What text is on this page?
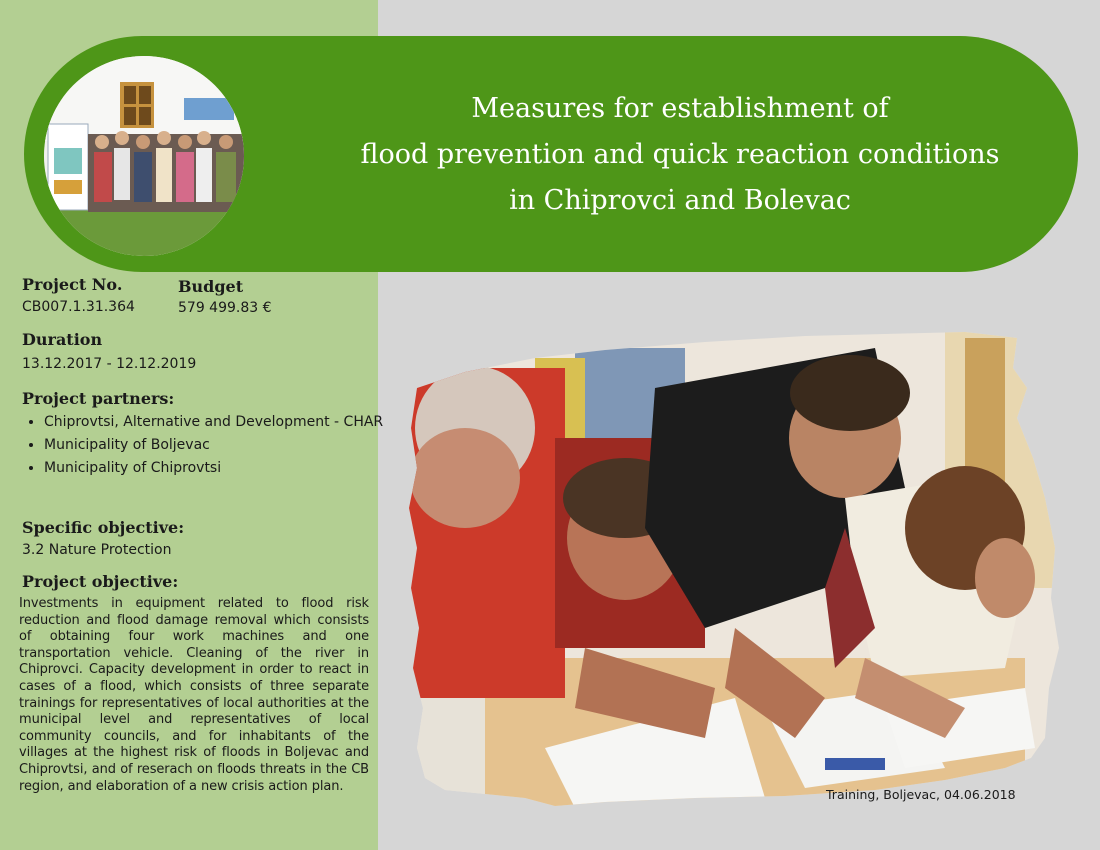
Measures for establishment of
flood prevention and quick reaction conditions
in Chiprovci and Bolevac
Project No.
CB007.1.31.364
Budget
579 499.83 €
Duration
13.12.2017 - 12.12.2019
Project partners:
• Chiprovtsi, Alternative and Development - CHAR
• Municipality of Boljevac
• Municipality of Chiprovtsi
Specific objective:
3.2 Nature Protection
Project objective:
Investments in equipment related to flood risk reduction and flood damage removal which consists of obtaining four work machines and one transportation vehicle. Cleaning of the river in Chiprovci. Capacity development in order to react in cases of a flood, which consists of three separate trainings for representatives of local authorities at the municipal level and representatives of local community councils, and for inhabitants of the villages at the highest risk of floods in Boljevac and Chiprovtsi, and of reserach on floods threats in the CB region, and elaboration of a new crisis action plan.
Training, Boljevac, 04.06.2018
